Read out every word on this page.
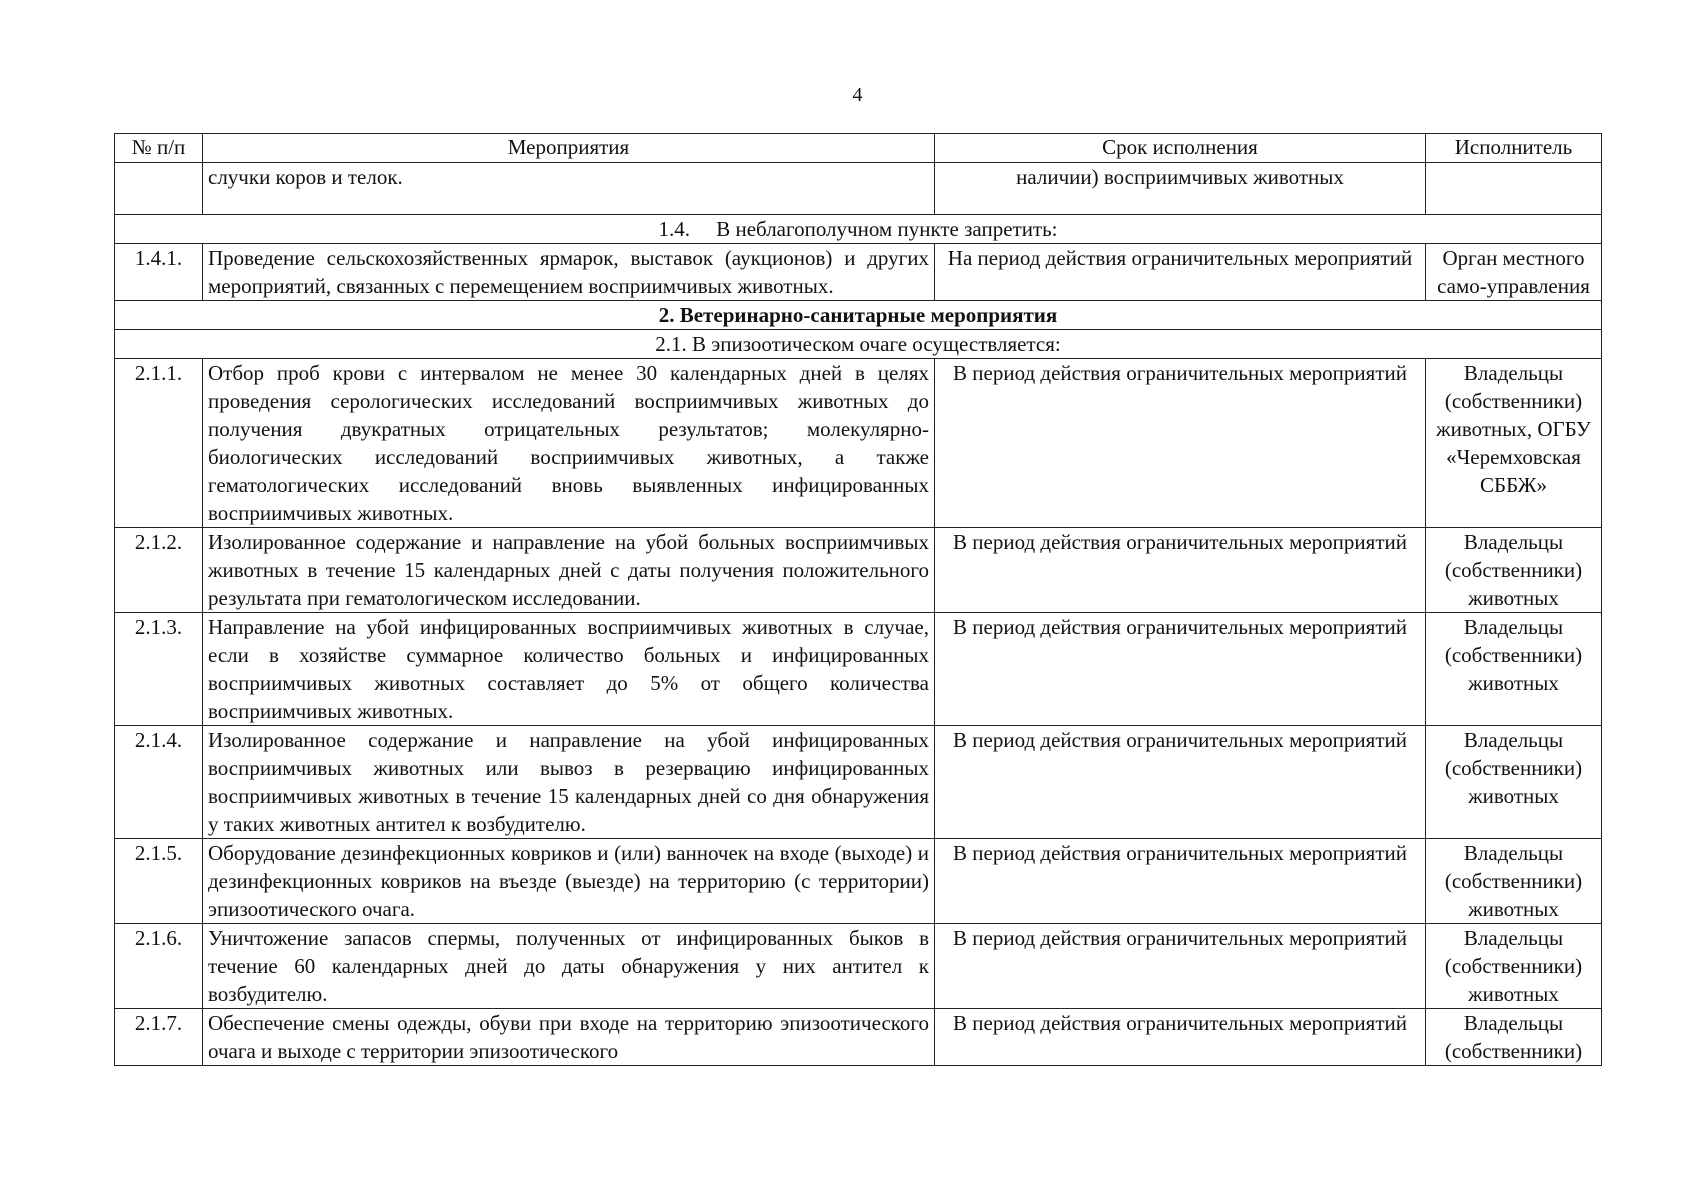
4
№ п/п	Мероприятия	Срок исполнения	Исполнитель
	случки коров и телок.	наличии) восприимчивых животных	
1.4.     В неблагополучном пункте запретить:			
1.4.1.	Проведение сельскохозяйственных ярмарок, выставок (аукционов) и других мероприятий, связанных с перемещением восприимчивых животных.	На период действия ограничительных мероприятий	Орган местного само-управления
2. Ветеринарно-санитарные мероприятия			
2.1. В эпизоотическом очаге осуществляется:			
2.1.1.	Отбор проб крови с интервалом не менее 30 календарных дней в целях проведения серологических исследований восприимчивых животных до получения двукратных отрицательных результатов; молекулярно-биологических исследований восприимчивых животных, а также гематологических исследований вновь выявленных инфицированных восприимчивых животных.	В период действия ограничительных мероприятий	Владельцы (собственники) животных, ОГБУ «Черемховская СББЖ»
2.1.2.	Изолированное содержание и направление на убой больных восприимчивых животных в течение 15 календарных дней с даты получения положительного результата при гематологическом исследовании.	В период действия ограничительных мероприятий	Владельцы (собственники) животных
2.1.3.	Направление на убой инфицированных восприимчивых животных в случае, если в хозяйстве суммарное количество больных и инфицированных восприимчивых животных составляет до 5% от общего количества восприимчивых животных.	В период действия ограничительных мероприятий	Владельцы (собственники) животных
2.1.4.	Изолированное содержание и направление на убой инфицированных восприимчивых животных или вывоз в резервацию инфицированных восприимчивых животных в течение 15 календарных дней со дня обнаружения у таких животных антител к возбудителю.	В период действия ограничительных мероприятий	Владельцы (собственники) животных
2.1.5.	Оборудование дезинфекционных ковриков и (или) ванночек на входе (выходе) и дезинфекционных ковриков на въезде (выезде) на территорию (с территории) эпизоотического очага.	В период действия ограничительных мероприятий	Владельцы (собственники) животных
2.1.6.	Уничтожение запасов спермы, полученных от инфицированных быков в течение 60 календарных дней до даты обнаружения у них антител к возбудителю.	В период действия ограничительных мероприятий	Владельцы (собственники) животных
2.1.7.	Обеспечение смены одежды, обуви при входе на территорию эпизоотического очага и выходе с территории эпизоотического	В период действия ограничительных мероприятий	Владельцы (собственники)
